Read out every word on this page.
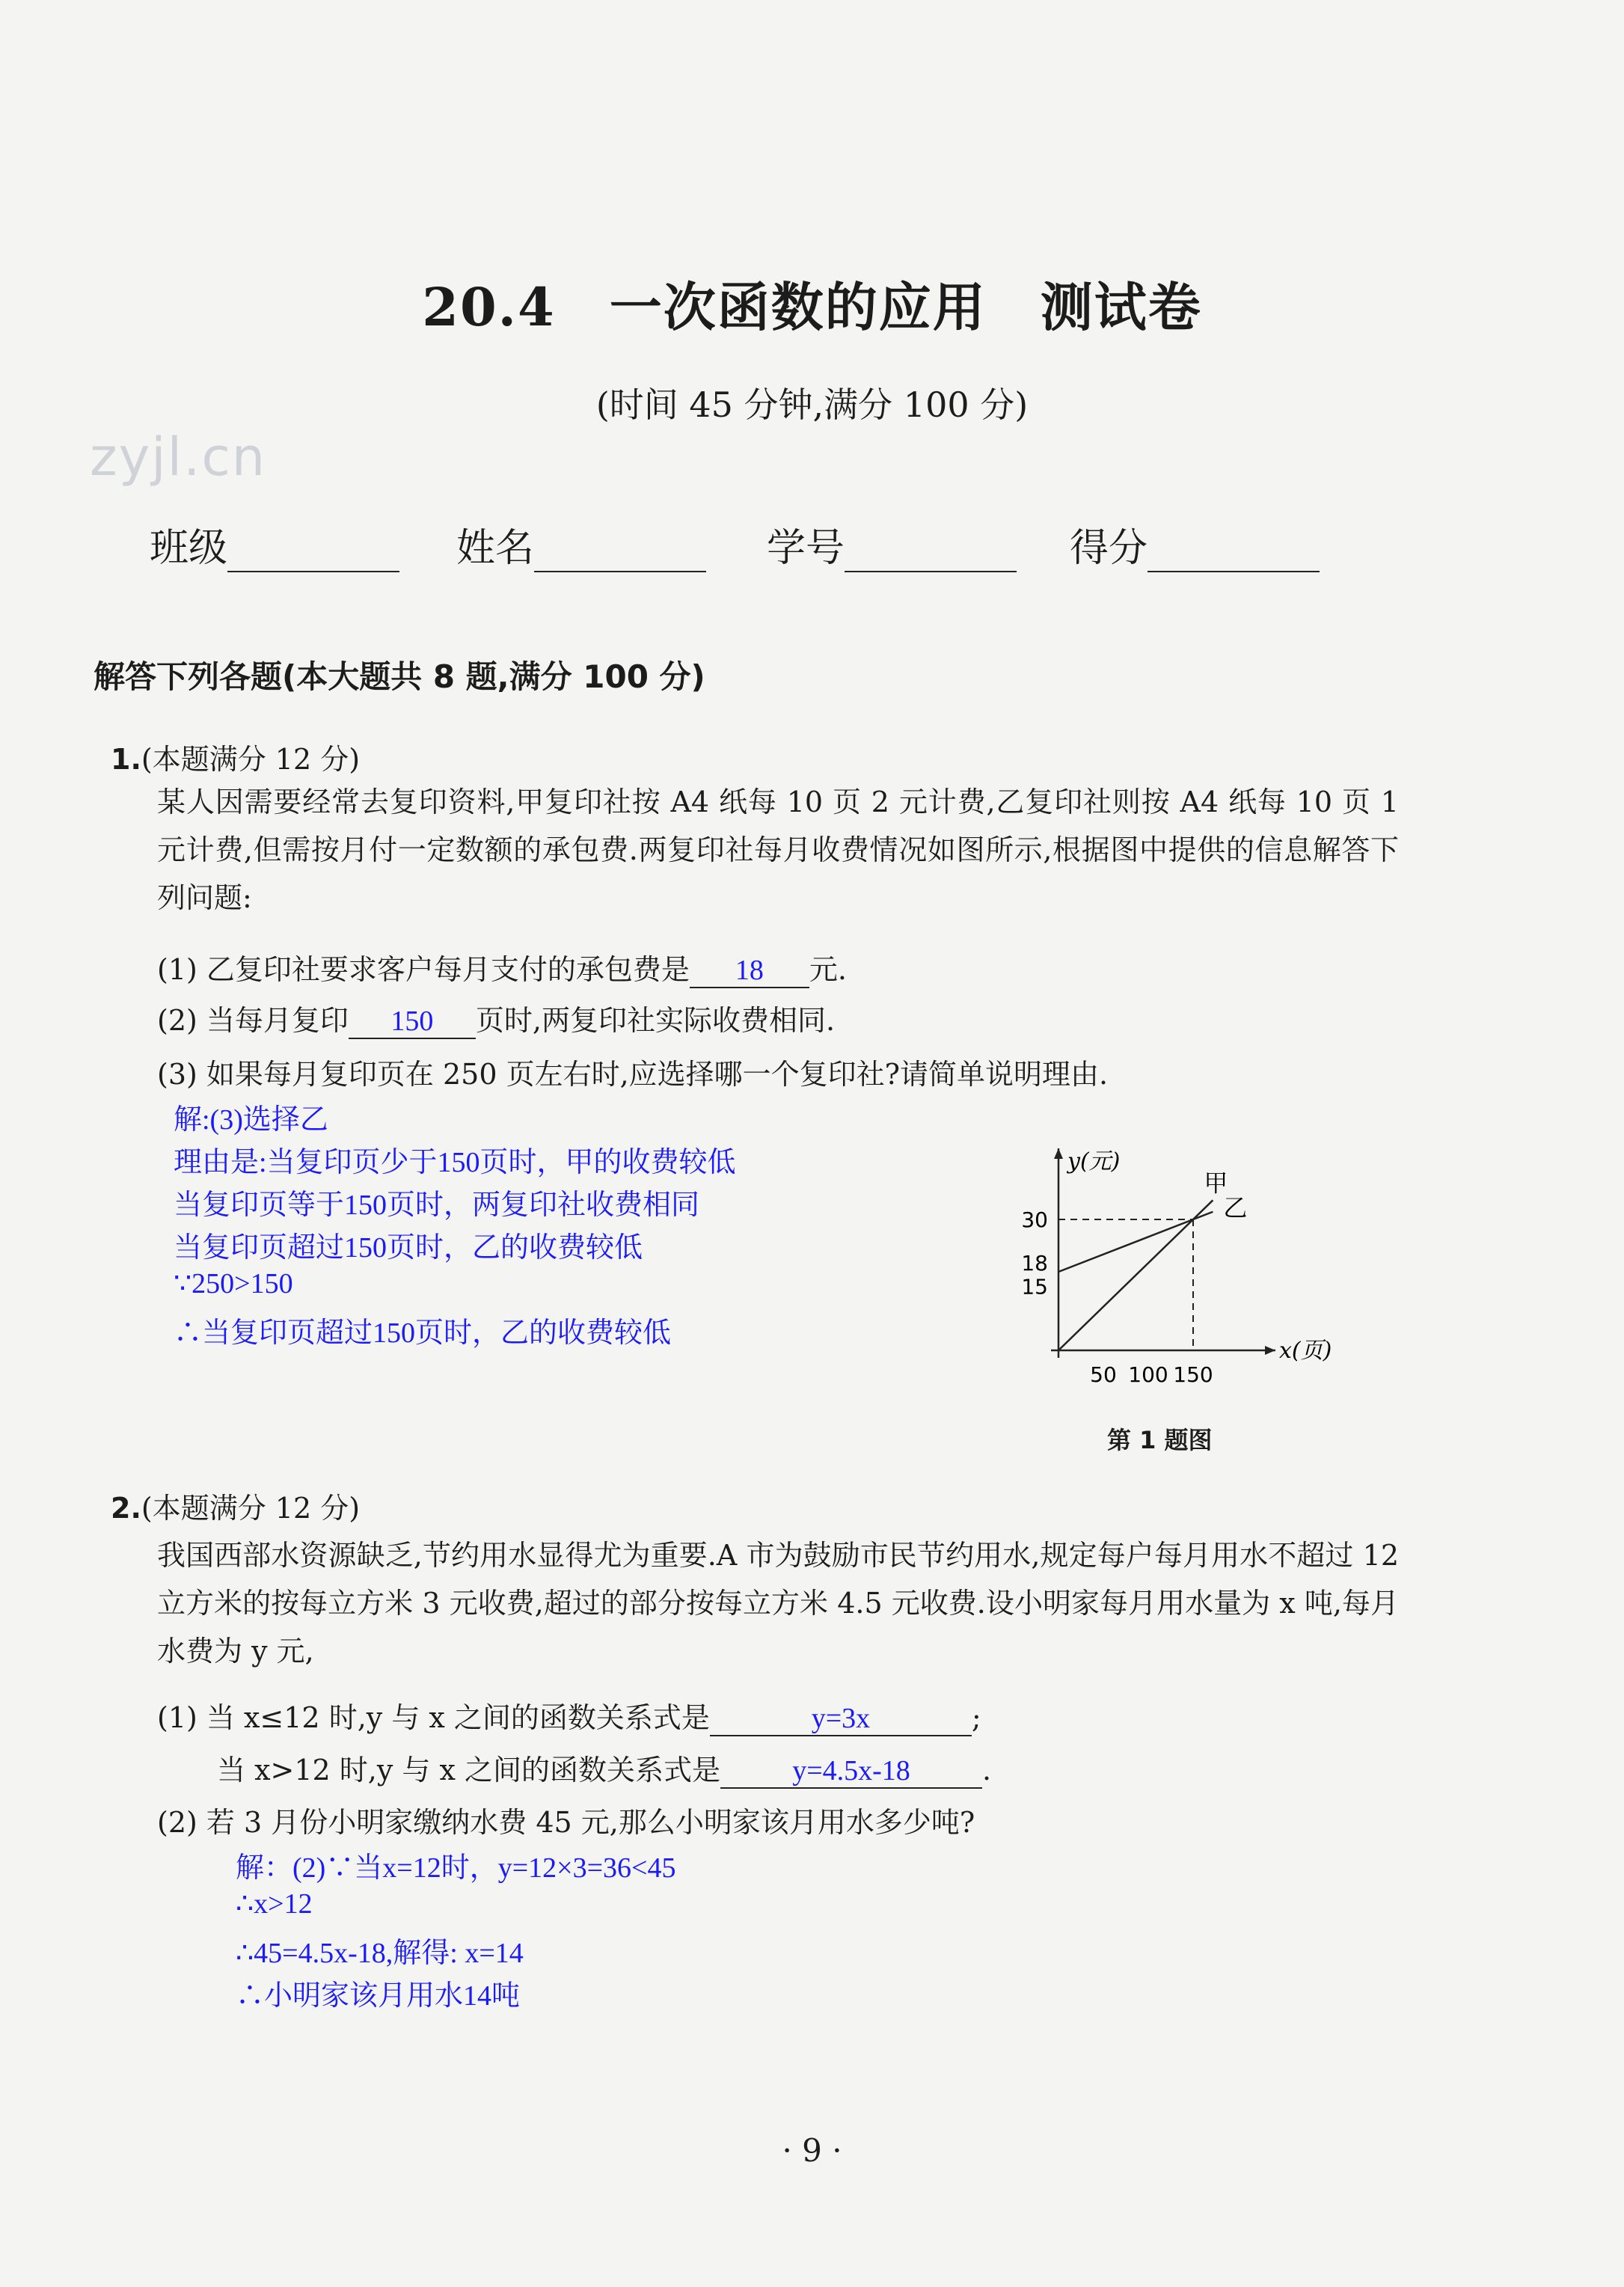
20.4　一次函数的应用　测试卷
(时间 45 分钟,满分 100 分)
zyjl.cn
班级	姓名	学号	得分
解答下列各题(本大题共 8 题,满分 100 分)
1.(本题满分 12 分)
某人因需要经常去复印资料,甲复印社按 A4 纸每 10 页 2 元计费,乙复印社则按 A4 纸每 10 页 1 元计费,但需按月付一定数额的承包费.两复印社每月收费情况如图所示,根据图中提供的信息解答下列问题:
(1) 乙复印社要求客户每月支付的承包费是 18 元.
(2) 当每月复印 150 页时,两复印社实际收费相同.
(3) 如果每月复印页在 250 页左右时,应选择哪一个复印社?请简单说明理由.
解:(3)选择乙
理由是:当复印页少于150页时，甲的收费较低
当复印页等于150页时，两复印社收费相同
当复印页超过150页时，乙的收费较低
∵250>150
∴当复印页超过150页时，乙的收费较低
x(页)
y(元)
50 100 150
15
18
30
甲
乙
第 1 题图
2.(本题满分 12 分)
我国西部水资源缺乏,节约用水显得尤为重要.A 市为鼓励市民节约用水,规定每户每月用水不超过 12 立方米的按每立方米 3 元收费,超过的部分按每立方米 4.5 元收费.设小明家每月用水量为 x 吨,每月水费为 y 元,
(1) 当 x≤12 时,y 与 x 之间的函数关系式是	y=3x	;
当 x>12 时,y 与 x 之间的函数关系式是	y=4.5x-18	.
(2) 若 3 月份小明家缴纳水费 45 元,那么小明家该月用水多少吨?
解：(2)∵当x=12时，y=12×3=36<45
∴x>12
∴45=4.5x-18,解得: x=14
∴小明家该月用水14吨
· 9 ·
